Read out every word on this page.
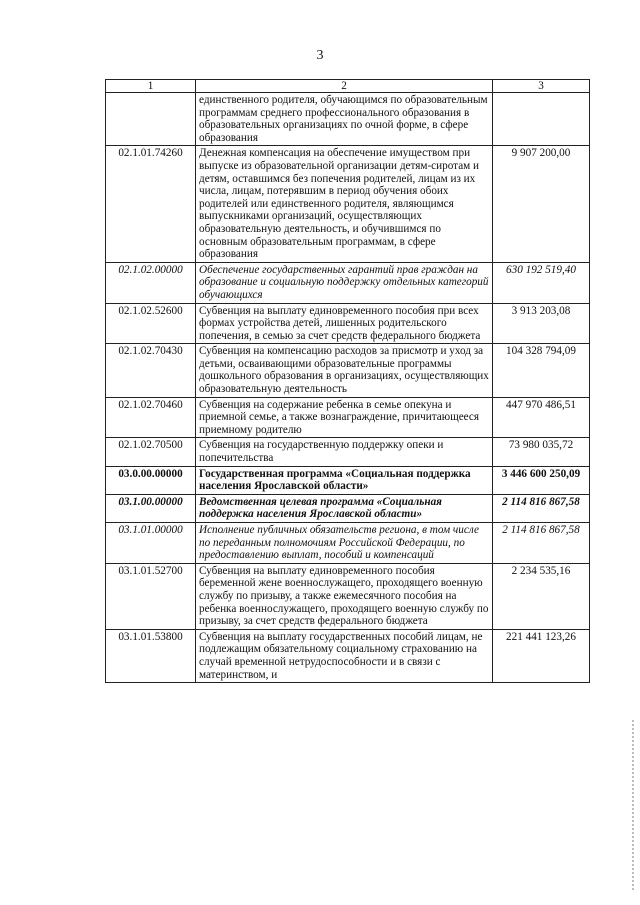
3
1	2	3
	единственного родителя, обучающимся по образовательным программам среднего профессионального образования в образовательных организациях по очной форме, в сфере образования	
02.1.01.74260	Денежная компенсация на обеспечение имуществом при выпуске из образовательной организации детям-сиротам и детям, оставшимся без попечения родителей, лицам из их числа, лицам, потерявшим в период обучения обоих родителей или единственного родителя, являющимся выпускниками организаций, осуществляющих образовательную деятельность, и обучившимся по основным образовательным программам, в сфере образования	9 907 200,00
02.1.02.00000	Обеспечение государственных гарантий прав граждан на образование и социальную поддержку отдельных категорий обучающихся	630 192 519,40
02.1.02.52600	Субвенция на выплату единовременного пособия при всех формах устройства детей, лишенных родительского попечения, в семью за счет средств федерального бюджета	3 913 203,08
02.1.02.70430	Субвенция на компенсацию расходов за присмотр и уход за детьми, осваивающими образовательные программы дошкольного образования в организациях, осуществляющих образовательную деятельность	104 328 794,09
02.1.02.70460	Субвенция на содержание ребенка в семье опекуна и приемной семье, а также вознаграждение, причитающееся приемному родителю	447 970 486,51
02.1.02.70500	Субвенция на государственную поддержку опеки и попечительства	73 980 035,72
03.0.00.00000	Государственная программа «Социальная поддержка населения Ярославской области»	3 446 600 250,09
03.1.00.00000	Ведомственная целевая программа «Социальная поддержка населения Ярославской области»	2 114 816 867,58
03.1.01.00000	Исполнение публичных обязательств региона, в том числе по переданным полномочиям Российской Федерации, по предоставлению выплат, пособий и компенсаций	2 114 816 867,58
03.1.01.52700	Субвенция на выплату единовременного пособия беременной жене военнослужащего, проходящего военную службу по призыву, а также ежемесячного пособия на ребенка военнослужащего, проходящего военную службу по призыву, за счет средств федерального бюджета	2 234 535,16
03.1.01.53800	Субвенция на выплату государственных пособий лицам, не подлежащим обязательному социальному страхованию на случай временной нетрудоспособности и в связи с материнством, и	221 441 123,26
